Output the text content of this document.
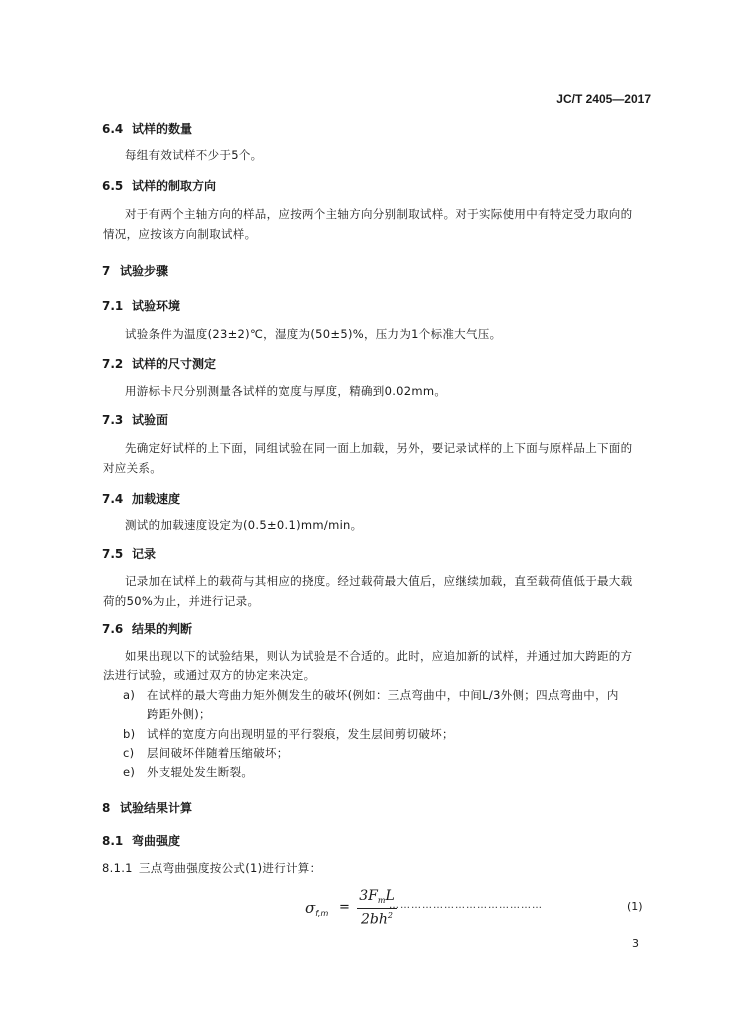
JC/T 2405—2017
6.4 试样的数量
每组有效试样不少于5个。
6.5 试样的制取方向
对于有两个主轴方向的样品，应按两个主轴方向分别制取试样。对于实际使用中有特定受力取向的
情况，应按该方向制取试样。
7 试验步骤
7.1 试验环境
试验条件为温度(23±2)℃，湿度为(50±5)%，压力为1个标准大气压。
7.2 试样的尺寸测定
用游标卡尺分别测量各试样的宽度与厚度，精确到0.02mm。
7.3 试验面
先确定好试样的上下面，同组试验在同一面上加载，另外，要记录试样的上下面与原样品上下面的
对应关系。
7.4 加载速度
测试的加载速度设定为(0.5±0.1)mm/min。
7.5 记录
记录加在试样上的载荷与其相应的挠度。经过载荷最大值后，应继续加载，直至载荷值低于最大载
荷的50%为止，并进行记录。
7.6 结果的判断
如果出现以下的试验结果，则认为试验是不合适的。此时，应追加新的试样，并通过加大跨距的方
法进行试验，或通过双方的协定来决定。
a) 在试样的最大弯曲力矩外侧发生的破坏(例如：三点弯曲中，中间L/3外侧；四点弯曲中，内
跨距外侧)；
b) 试样的宽度方向出现明显的平行裂痕，发生层间剪切破坏；
c) 层间破坏伴随着压缩破坏；
e) 外支辊处发生断裂。
8 试验结果计算
8.1 弯曲强度
8.1.1 三点弯曲强度按公式(1)进行计算：
$\sigma_{f,m}$ =
$3F_mL$
$2bh^2$
……………………………………	(1)
3
